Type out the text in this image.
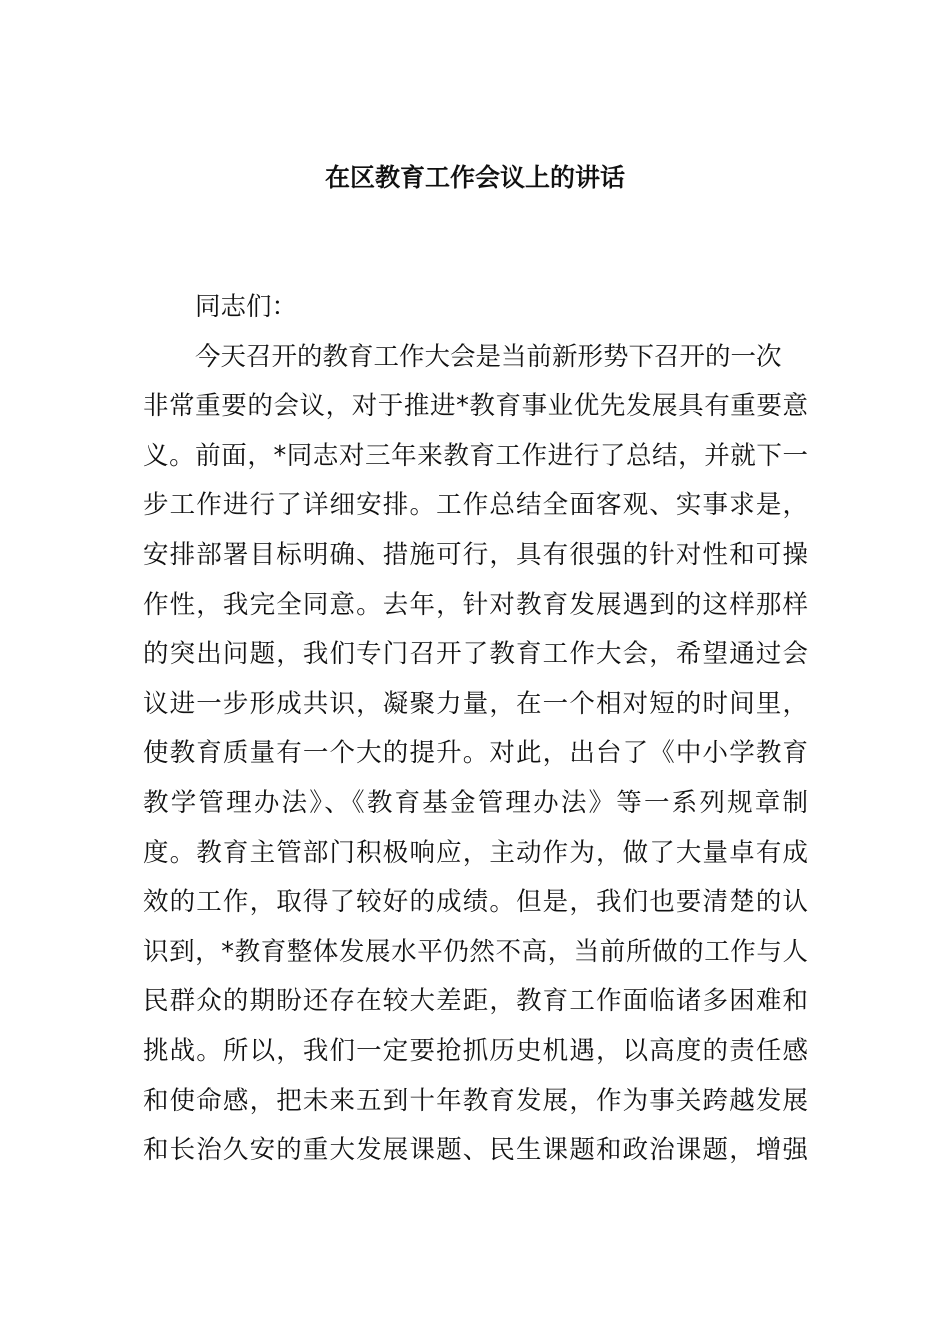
在区教育工作会议上的讲话
同志们：
今天召开的教育工作大会是当前新形势下召开的一次
非常重要的会议，对于推进*教育事业优先发展具有重要意
义。前面，*同志对三年来教育工作进行了总结，并就下一
步工作进行了详细安排。工作总结全面客观、实事求是，
安排部署目标明确、措施可行，具有很强的针对性和可操
作性，我完全同意。去年，针对教育发展遇到的这样那样
的突出问题，我们专门召开了教育工作大会，希望通过会
议进一步形成共识，凝聚力量，在一个相对短的时间里，
使教育质量有一个大的提升。对此，出台了《中小学教育
教学管理办法》、《教育基金管理办法》等一系列规章制
度。教育主管部门积极响应，主动作为，做了大量卓有成
效的工作，取得了较好的成绩。但是，我们也要清楚的认
识到，*教育整体发展水平仍然不高，当前所做的工作与人
民群众的期盼还存在较大差距，教育工作面临诸多困难和
挑战。所以，我们一定要抢抓历史机遇，以高度的责任感
和使命感，把未来五到十年教育发展，作为事关跨越发展
和长治久安的重大发展课题、民生课题和政治课题，增强
